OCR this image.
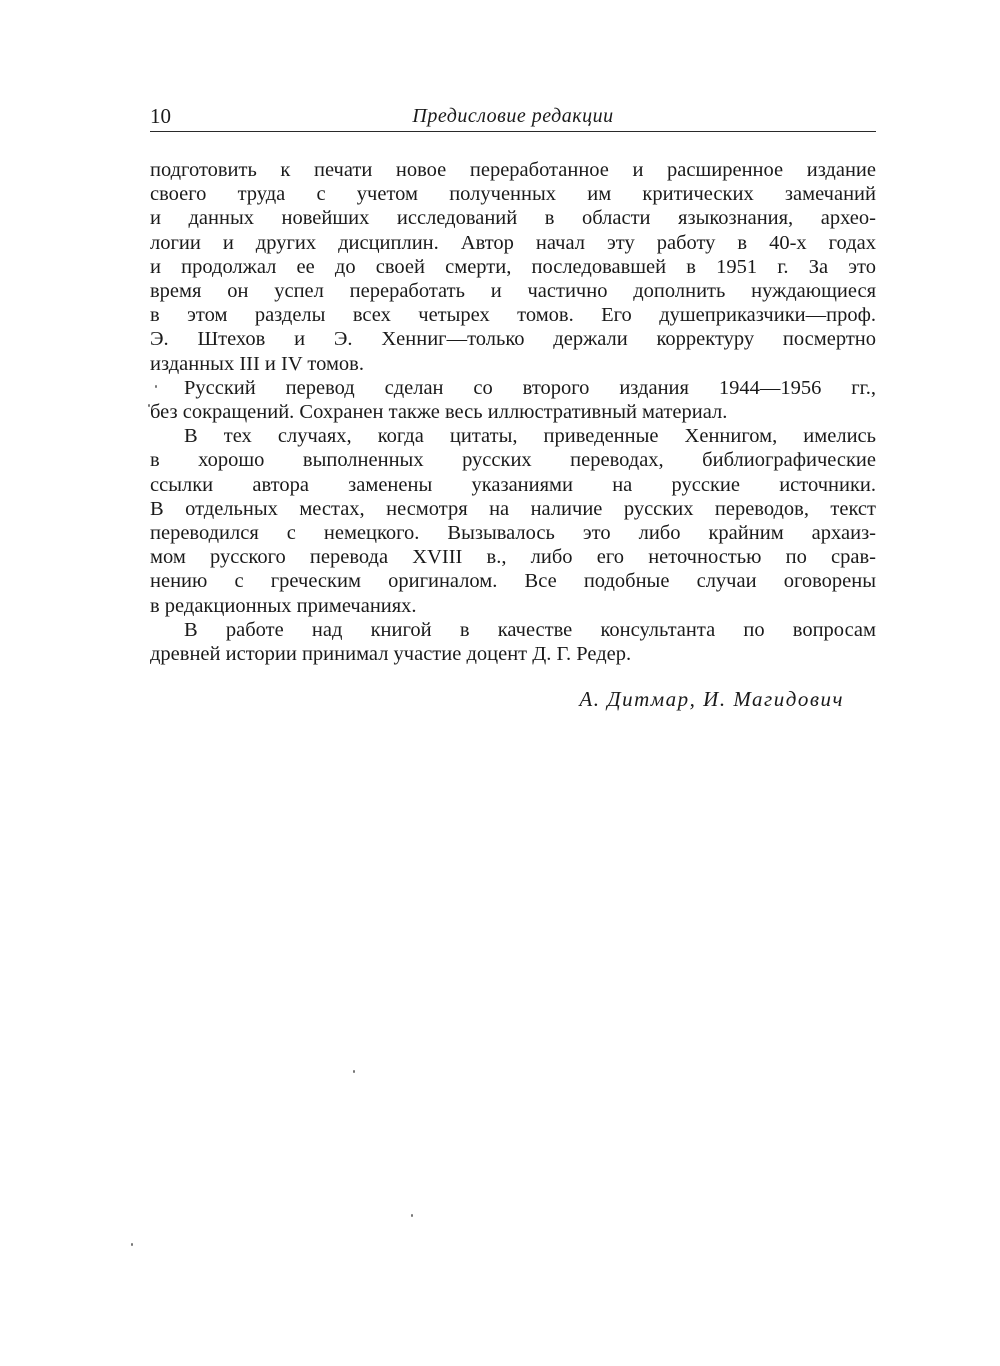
10	Предисловие редакции

подготовить к печати новое переработанное и расширенное издание
своего труда с учетом полученных им критических замечаний
и данных новейших исследований в области языкознания, архео-
логии и других дисциплин. Автор начал эту работу в 40-х годах
и продолжал ее до своей смерти, последовавшей в 1951 г. За это
время он успел переработать и частично дополнить нуждающиеся
в этом разделы всех четырех томов. Его душеприказчики—проф.
Э. Штехов и Э. Хенниг—только держали корректуру посмертно
изданных III и IV томов.

Русский перевод сделан со второго издания 1944—1956 гг.,
без сокращений. Сохранен также весь иллюстративный материал.

В тех случаях, когда цитаты, приведенные Хеннигом, имелись
в хорошо выполненных русских переводах, библиографические
ссылки автора заменены указаниями на русские источники.
В отдельных местах, несмотря на наличие русских переводов, текст
переводился с немецкого. Вызывалось это либо крайним архаиз-
мом русского перевода XVIII в., либо его неточностью по срав-
нению с греческим оригиналом. Все подобные случаи оговорены
в редакционных примечаниях.

В работе над книгой в качестве консультанта по вопросам
древней истории принимал участие доцент Д. Г. Редер.

А. Дитмар, И. Магидович
